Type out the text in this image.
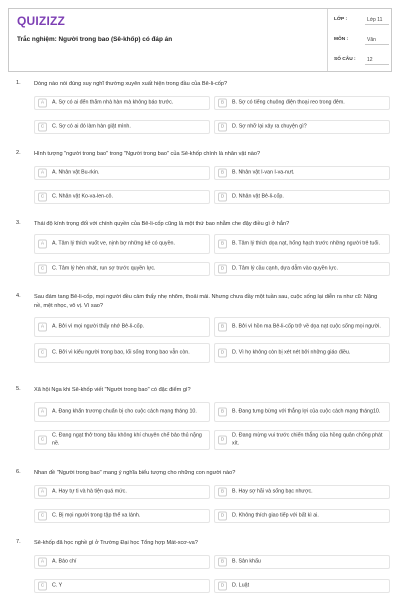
QUIZIZZ
Trắc nghiệm: Người trong bao (Sê-khốp) có đáp án
LỚP :	Lớp 11
MÔN :	Văn
SỐ CÂU :	12
1. Dòng nào nói đúng suy nghĩ thường xuyên xuất hiện trong đầu của Bê-li-cốp?
A	A. Sợ có ai đến thăm nhà hàn mà không báo trước.	B	B. Sợ có tiếng chuông điện thoại reo trong đêm.
C	C. Sợ có ai đó làm hàn giật mình.	D	D. Sợ nhỡ lại xảy ra chuyện gì?
2. Hình tượng "người trong bao" trong "Người trong bao" của Sê-khốp chính là nhân vật nào?
A	A. Nhân vật Bu-rkin.	B	B. Nhân vật I-van I-va-nưt.
C	C. Nhân vật Ko-va-len-cô.	D	D. Nhân vật Bê-li-cốp.
3. Thái độ kính trọng đối với chính quyền của Bê-li-cốp cũng là một thứ bao nhằm che đậy điều gì ở hắn?
A	A. Tâm lý thích vuốt ve, nịnh bợ những kẻ có quyền.	B	B. Tâm lý thích dọa nạt, hống hạch trước những người trẻ tuổi.
C	C. Tâm lý hèn nhát, run sợ trước quyền lực.	D	D. Tâm lý cầu cạnh, dựa dẫm vào quyền lực.
4. Sau đám tang Bê-li-cốp, mọi người đều cảm thấy nhẹ nhõm, thoải mái. Nhưng chưa đầy một tuần sau, cuộc sống lại diễn ra như cũ: Nặng nề, mệt nhọc, vô vị. Vì sao?
A	A. Bởi vì mọi người thấy nhớ Bê-li-cốp.	B	B. Bởi vì hồn ma Bê-li-cốp trở về dọa nạt cuộc sống mọi người.
C	C. Bởi vì kiểu người trong bao, lối sống trong bao vẫn còn.	D	D. Vì họ không còn bị xét nét bởi những giáo điều.
5. Xã hội Nga khi Sê-khốp viết "Người trong bao" có đặc điểm gì?
A	A. Đang khẩn trương chuẩn bị cho cuộc cách mạng tháng 10.	B	B. Đang tưng bừng với thắng lợi của cuộc cách mạng tháng10.
C
C. Đang ngạt thở trong bầu không khí chuyên chế bảo thủ nặng nề.	D
D. Đang mừng vui trước chiến thắng của hồng quân chống phát xít.
6. Nhan đề "Người trong bao" mang ý nghĩa biểu tượng cho những con người nào?
A	A. Hay tự ti và hà tiện quá mức.	B	B. Hay sợ hãi và sống bạc nhược.
C	C. Bị mọi người trong tập thể xa lánh.	D	D. Không thích giao tiếp với bất kì ai.
7. Sê-khốp đã học nghề gì ở Trường Đại học Tổng hợp Mát-xcơ-va?
A	A. Báo chí	B	B. Sân khấu
C	C. Y	D	D. Luật
